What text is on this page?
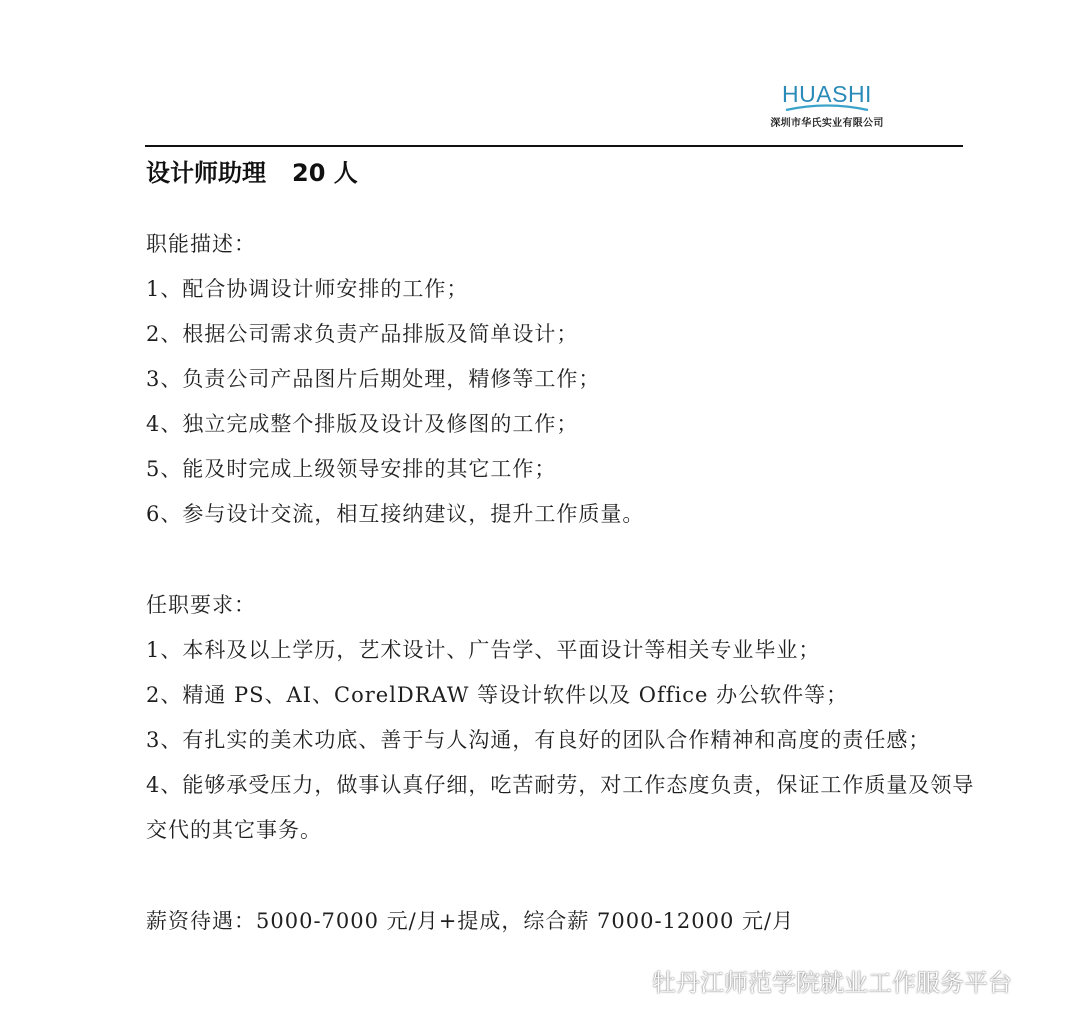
HUASHI
深圳市华氏实业有限公司
设计师助理 20 人

职能描述：

1、配合协调设计师安排的工作；

2、根据公司需求负责产品排版及简单设计；

3、负责公司产品图片后期处理，精修等工作；

4、独立完成整个排版及设计及修图的工作；

5、能及时完成上级领导安排的其它工作；

6、参与设计交流，相互接纳建议，提升工作质量。

任职要求：

1、本科及以上学历，艺术设计、广告学、平面设计等相关专业毕业；

2、精通 PS、AI、CorelDRAW 等设计软件以及 Office 办公软件等；

3、有扎实的美术功底、善于与人沟通，有良好的团队合作精神和高度的责任感；

4、能够承受压力，做事认真仔细，吃苦耐劳，对工作态度负责，保证工作质量及领导交代的其它事务。

薪资待遇：5000-7000 元/月+提成，综合薪 7000-12000 元/月

牡丹江师范学院就业工作服务平台
